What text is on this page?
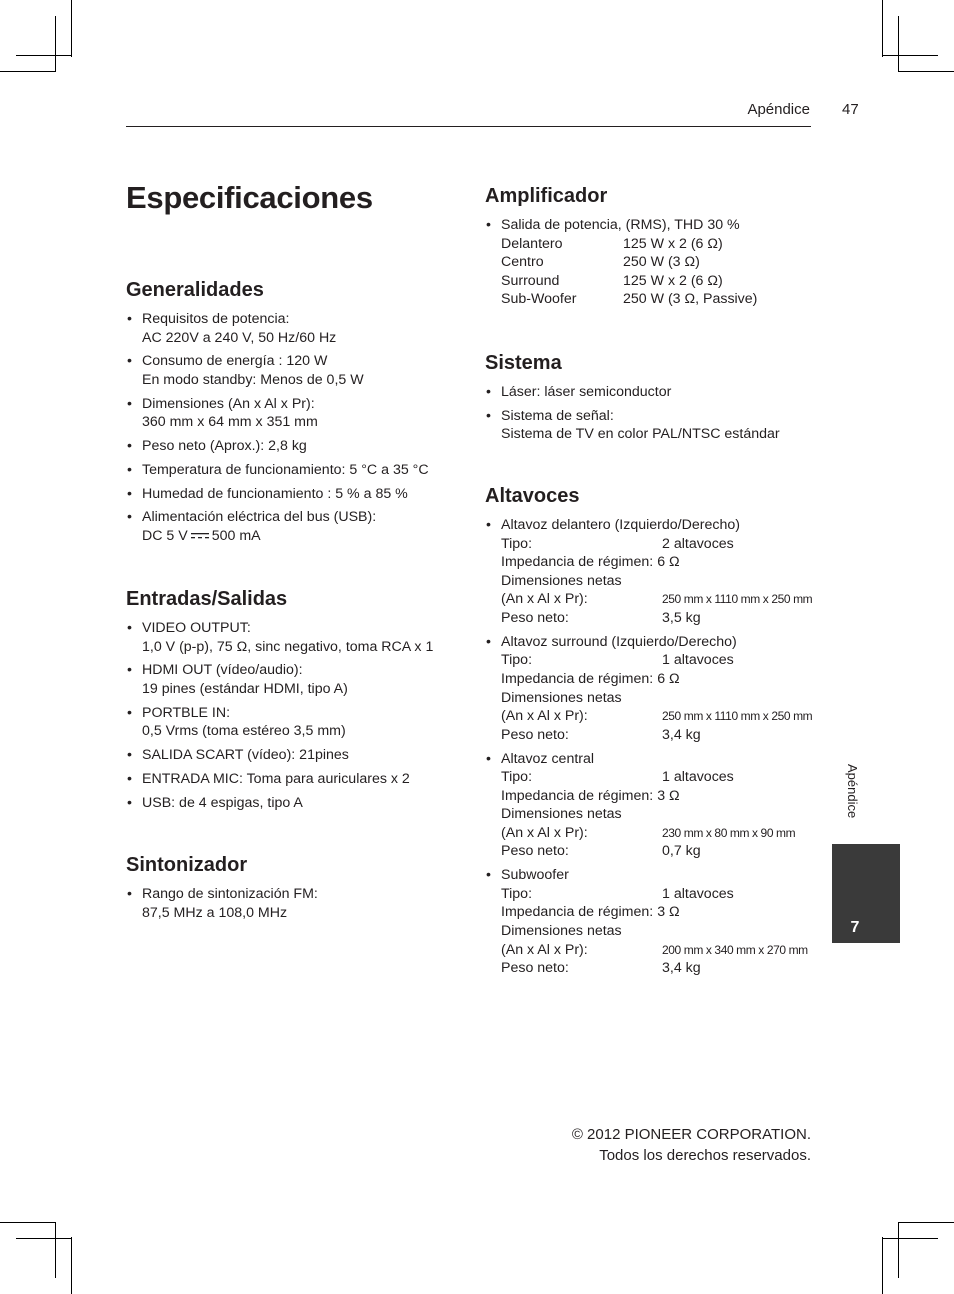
Apéndice 47
Especificaciones
Generalidades
• Requisitos de potencia:
AC 220V a 240 V, 50 Hz/60 Hz
• Consumo de energía : 120 W
En modo standby: Menos de 0,5 W
• Dimensiones (An x Al x Pr):
360 mm x 64 mm x 351 mm
• Peso neto (Aprox.): 2,8 kg
• Temperatura de funcionamiento: 5 °C a 35 °C
• Humedad de funcionamiento : 5 % a 85 %
• Alimentación eléctrica del bus (USB):
DC 5 V 500 mA
Entradas/Salidas
• VIDEO OUTPUT:
1,0 V (p-p), 75 Ω, sinc negativo, toma RCA x 1
• HDMI OUT (vídeo/audio):
19 pines (estándar HDMI, tipo A)
• PORTBLE IN:
0,5 Vrms (toma estéreo 3,5 mm)
• SALIDA SCART (vídeo): 21pines
• ENTRADA MIC: Toma para auriculares x 2
• USB: de 4 espigas, tipo A
Sintonizador
• Rango de sintonización FM:
87,5 MHz a 108,0 MHz
Amplificador
• Salida de potencia, (RMS), THD 30 %
Delantero	125 W x 2 (6 Ω)
Centro	250 W (3 Ω)
Surround	125 W x 2 (6 Ω)
Sub-Woofer	250 W (3 Ω, Passive)
Sistema
• Láser: láser semiconductor
• Sistema de señal:
Sistema de TV en color PAL/NTSC estándar
Altavoces
• Altavoz delantero (Izquierdo/Derecho)
Tipo:	2 altavoces
Impedancia de régimen: 6 Ω
Dimensiones netas
(An x Al x Pr):	250 mm x 1110 mm x 250 mm
Peso neto:	3,5 kg
• Altavoz surround (Izquierdo/Derecho)
Tipo:	1 altavoces
Impedancia de régimen: 6 Ω
Dimensiones netas
(An x Al x Pr):	250 mm x 1110 mm x 250 mm
Peso neto:	3,4 kg
• Altavoz central
Tipo:	1 altavoces
Impedancia de régimen: 3 Ω
Dimensiones netas
(An x Al x Pr):	230 mm x 80 mm x 90 mm
Peso neto:	0,7 kg
• Subwoofer
Tipo:	1 altavoces
Impedancia de régimen: 3 Ω
Dimensiones netas
(An x Al x Pr):	200 mm x 340 mm x 270 mm
Peso neto:	3,4 kg
Apéndice
7
© 2012 PIONEER CORPORATION.
Todos los derechos reservados.
